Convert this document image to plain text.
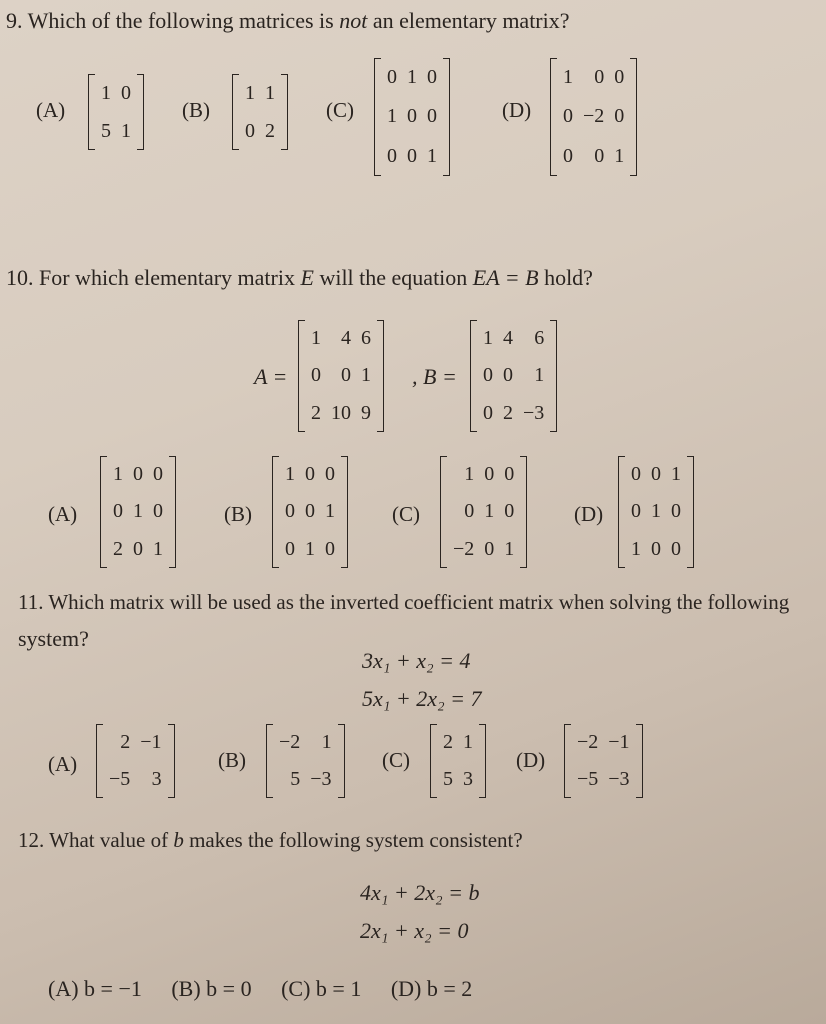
9. Which of the following matrices is not an elementary matrix?
(A)
1	0
5	1
(B)
1	1
0	2
(C)
0	1	0
1	0	0
0	0	1
(D)
1	0	0
0	−2	0
0	0	1
10. For which elementary matrix E will the equation EA = B hold?
A =
1	4	6
0	0	1
2	10	9
, B =
1	4	6
0	0	1
0	2	−3
(A)
1	0	0
0	1	0
2	0	1
(B)
1	0	0
0	0	1
0	1	0
(C)
1	0	0
0	1	0
−2	0	1
(D)
0	0	1
0	1	0
1	0	0
11. Which matrix will be used as the inverted coefficient matrix when solving the following
system?
3x₁ + x₂ = 4
5x₁ + 2x₂ = 7
(A)
2	−1
−5	3
(B)
−2	1
5	−3
(C)
2	1
5	3
(D)
−2	−1
−5	−3
12. What value of b makes the following system consistent?
4x₁ + 2x₂ = b
2x₁ + x₂ = 0
(A) b = −1 (B) b = 0 (C) b = 1 (D) b = 2
